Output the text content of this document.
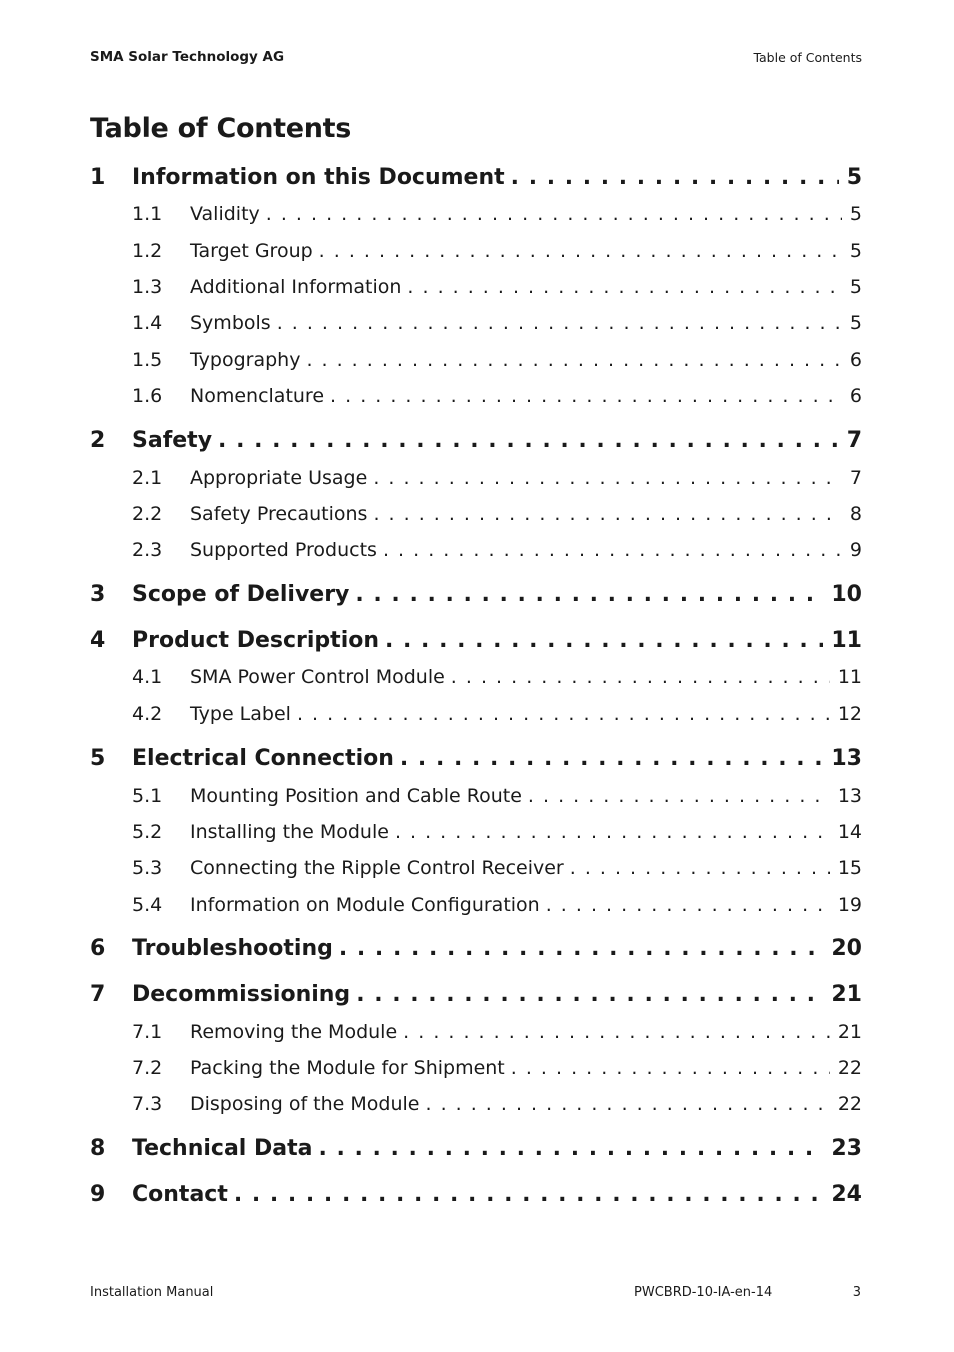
SMA Solar Technology AG	Table of Contents
Table of Contents
1	Information on this Document . . .	5
1.1	Validity . . .	5
1.2	Target Group . . .	5
1.3	Additional Information . . .	5
1.4	Symbols . . .	5
1.5	Typography . . .	6
1.6	Nomenclature . . .	6
2	Safety . . .	7
2.1	Appropriate Usage . . .	7
2.2	Safety Precautions . . .	8
2.3	Supported Products . . .	9
3	Scope of Delivery . . .	10
4	Product Description . . .	11
4.1	SMA Power Control Module . . .	11
4.2	Type Label . . .	12
5	Electrical Connection . . .	13
5.1	Mounting Position and Cable Route . . .	13
5.2	Installing the Module . . .	14
5.3	Connecting the Ripple Control Receiver . . .	15
5.4	Information on Module Configuration . . .	19
6	Troubleshooting . . .	20
7	Decommissioning . . .	21
7.1	Removing the Module . . .	21
7.2	Packing the Module for Shipment . . .	22
7.3	Disposing of the Module . . .	22
8	Technical Data . . .	23
9	Contact . . .	24
Installation Manual	PWCBRD-10-IA-en-14	3
